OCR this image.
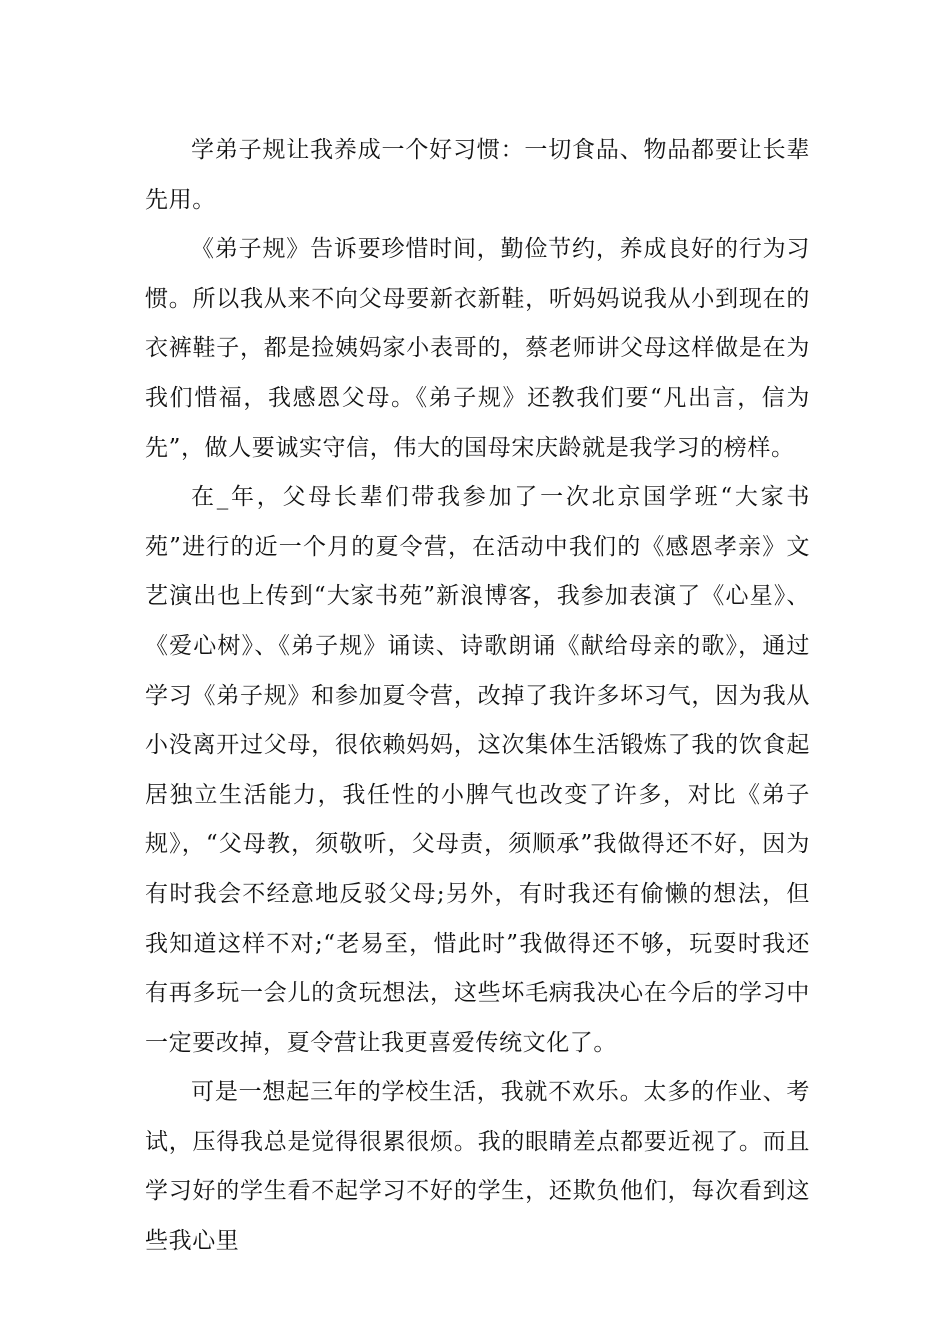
学弟子规让我养成一个好习惯：一切食品、物品都要让长辈先用。

《弟子规》告诉要珍惜时间，勤俭节约，养成良好的行为习惯。所以我从来不向父母要新衣新鞋，听妈妈说我从小到现在的衣裤鞋子，都是捡姨妈家小表哥的，蔡老师讲父母这样做是在为我们惜福，我感恩父母。《弟子规》还教我们要“凡出言，信为先”，做人要诚实守信，伟大的国母宋庆龄就是我学习的榜样。

在_年，父母长辈们带我参加了一次北京国学班“大家书苑”进行的近一个月的夏令营，在活动中我们的《感恩孝亲》文艺演出也上传到“大家书苑”新浪博客，我参加表演了《心星》、《爱心树》、《弟子规》诵读、诗歌朗诵《献给母亲的歌》，通过学习《弟子规》和参加夏令营，改掉了我许多坏习气，因为我从小没离开过父母，很依赖妈妈，这次集体生活锻炼了我的饮食起居独立生活能力，我任性的小脾气也改变了许多，对比《弟子规》，“父母教，须敬听，父母责，须顺承”我做得还不好，因为有时我会不经意地反驳父母;另外，有时我还有偷懒的想法，但我知道这样不对;“老易至，惜此时”我做得还不够，玩耍时我还有再多玩一会儿的贪玩想法，这些坏毛病我决心在今后的学习中一定要改掉，夏令营让我更喜爱传统文化了。

可是一想起三年的学校生活，我就不欢乐。太多的作业、考试，压得我总是觉得很累很烦。我的眼睛差点都要近视了。而且学习好的学生看不起学习不好的学生，还欺负他们，每次看到这些我心里
